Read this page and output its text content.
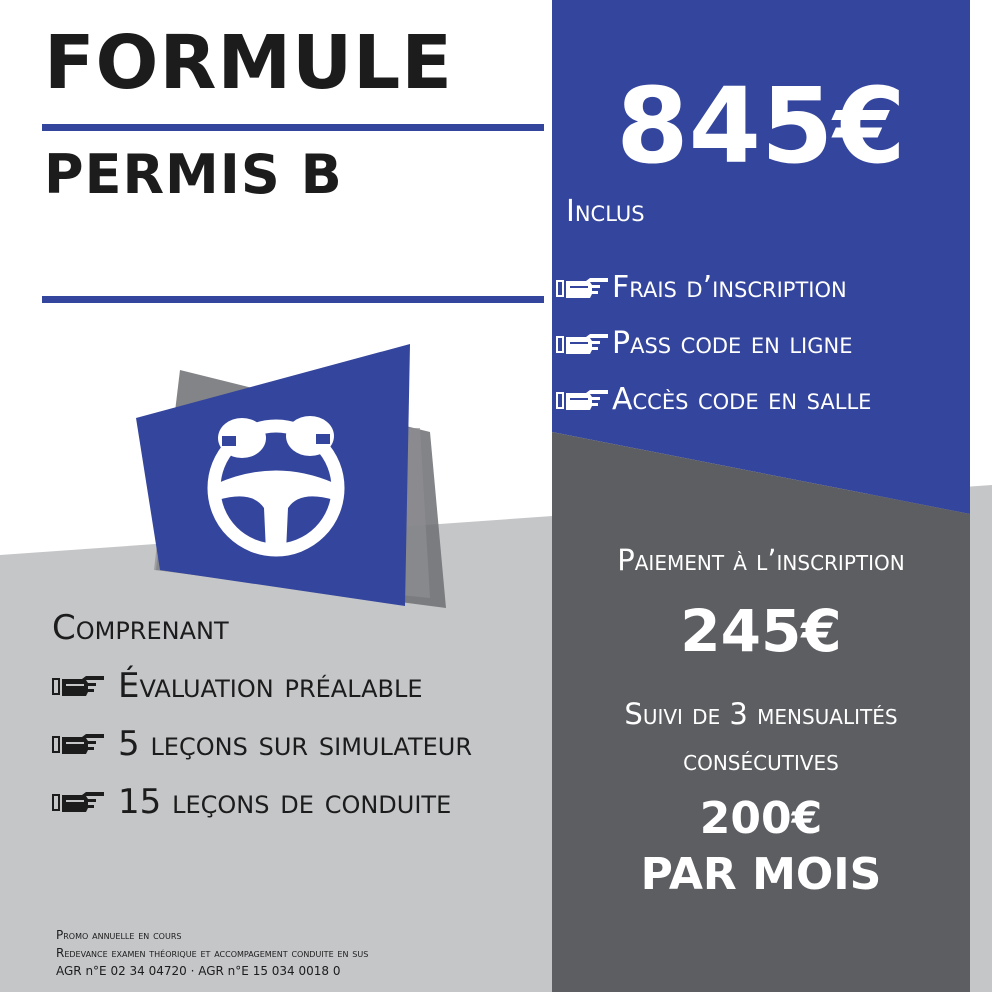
FORMULE
PERMIS B	845€
Inclus
Frais d’inscription
Pass code en ligne
Accès code en salle
Comprenant
Évaluation préalable
5 leçons sur simulateur
15 leçons de conduite
Paiement à l’inscription
245€
Suivi de 3 mensualités
consécutives
200€
PAR MOIS
Promo annuelle en cours
Redevance examen théorique et accompagement conduite en sus
AGR n°E 02 34 04720 · AGR n°E 15 034 0018 0
